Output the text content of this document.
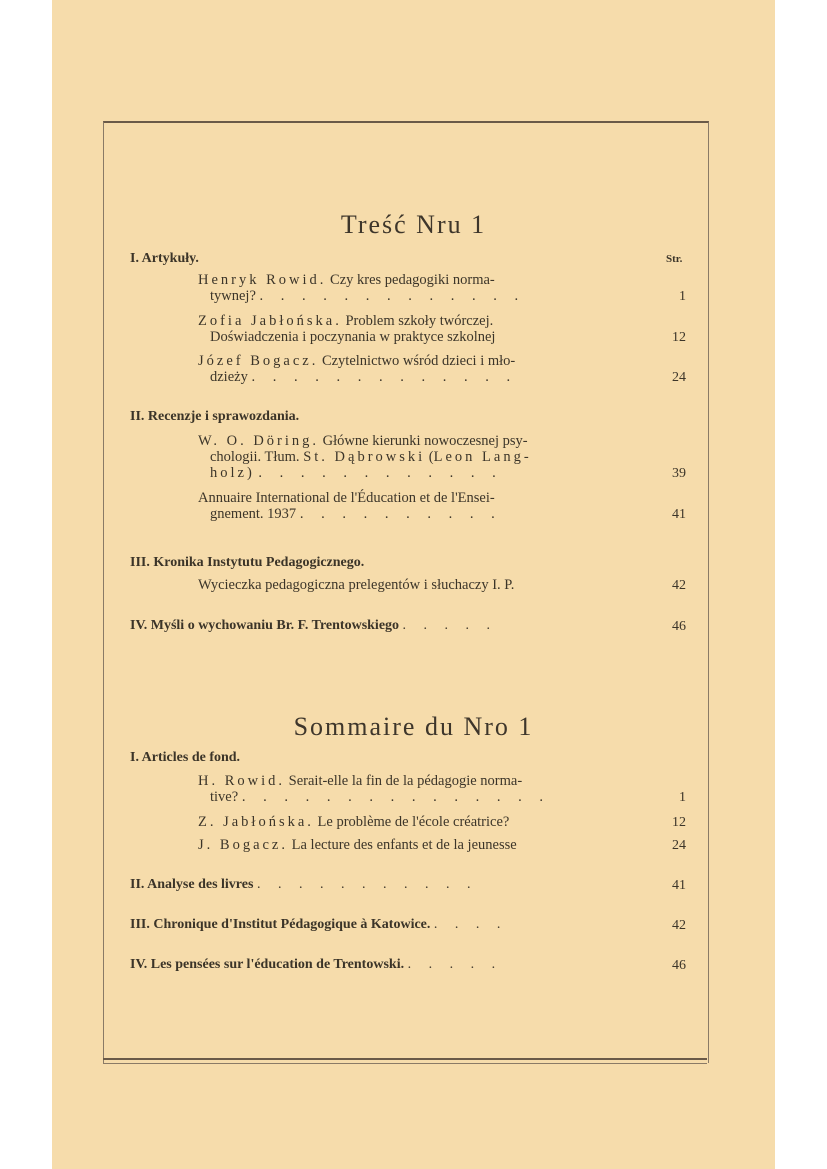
Treść Nru 1
I. Artykuły.	Str.
Henryk Rowid. Czy kres pedagogiki norma-
tywnej? . . . . . . . . . . . . .	1
Zofia Jabłońska. Problem szkoły twórczej.
Doświadczenia i poczynania w praktyce szkolnej	12
Józef Bogacz. Czytelnictwo wśród dzieci i mło-
dzieży . . . . . . . . . . . . .	24
II. Recenzje i sprawozdania.
W. O. Döring. Główne kierunki nowoczesnej psy-
chologii. Tłum. St. Dąbrowski (Leon Lang-
holz) . . . . . . . . . . . .	39
Annuaire International de l'Éducation et de l'Ensei-
gnement. 1937 . . . . . . . . . .	41
III. Kronika Instytutu Pedagogicznego.
Wycieczka pedagogiczna prelegentów i słuchaczy I. P.	42
IV. Myśli o wychowaniu Br. F. Trentowskiego . . . . .	46
Sommaire du Nro 1
I. Articles de fond.
H. Rowid. Serait-elle la fin de la pédagogie norma-
tive? . . . . . . . . . . . . . . .	1
Z. Jabłońska. Le problème de l'école créatrice?	12
J. Bogacz. La lecture des enfants et de la jeunesse	24
II. Analyse des livres . . . . . . . . . . .	41
III. Chronique d'Institut Pédagogique à Katowice. . . . .	42
IV. Les pensées sur l'éducation de Trentowski. . . . . .	46
